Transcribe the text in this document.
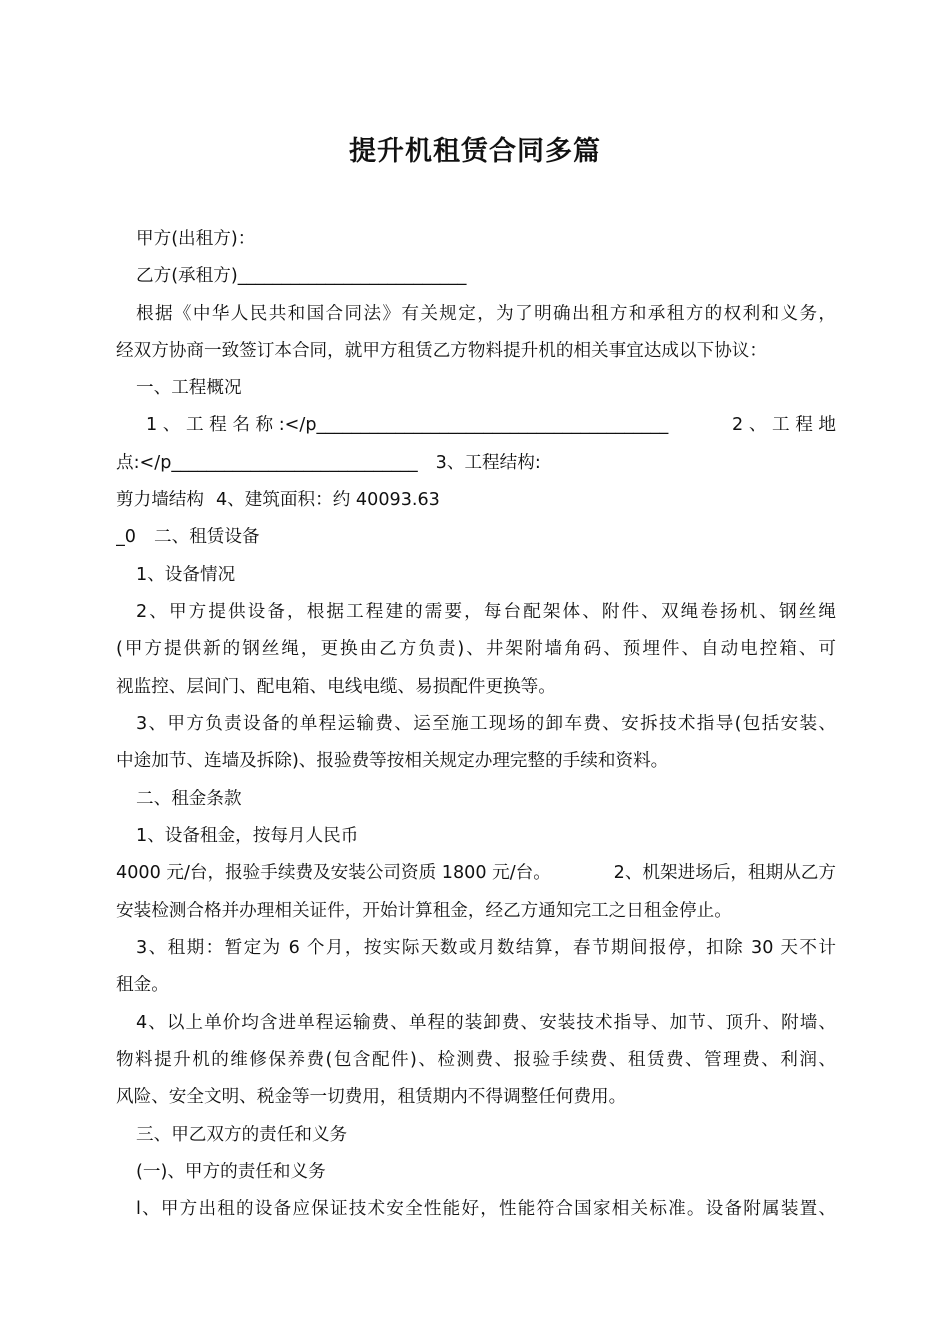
提升机租赁合同多篇
甲方(出租方)：
乙方(承租方)__________________________
根据《中华人民共和国合同法》有关规定，为了明确出租方和承租方的权利和义务，
经双方协商一致签订本合同，就甲方租赁乙方物料提升机的相关事宜达成以下协议：
一、工程概况
1 、 工 程 名 称 :</p________________________________________	2 、 工 程 地
点:</p____________________________ 3、工程结构:
剪力墙结构 4、建筑面积：约 40093.63
_0 二、租赁设备
1、设备情况
2、甲方提供设备，根据工程建的需要，每台配架体、附件、双绳卷扬机、钢丝绳
(甲方提供新的钢丝绳，更换由乙方负责)、井架附墙角码、预埋件、自动电控箱、可
视监控、层间门、配电箱、电线电缆、易损配件更换等。
3、甲方负责设备的单程运输费、运至施工现场的卸车费、安拆技术指导(包括安装、
中途加节、连墙及拆除)、报验费等按相关规定办理完整的手续和资料。
二、租金条款
1、设备租金，按每月人民币
4000 元/台，报验手续费及安装公司资质 1800 元/台。	2、机架进场后，租期从乙方
安装检测合格并办理相关证件，开始计算租金，经乙方通知完工之日租金停止。
3、租期：暂定为 6 个月，按实际天数或月数结算，春节期间报停，扣除 30 天不计
租金。
4、以上单价均含进单程运输费、单程的装卸费、安装技术指导、加节、顶升、附墙、
物料提升机的维修保养费(包含配件)、检测费、报验手续费、租赁费、管理费、利润、
风险、安全文明、税金等一切费用，租赁期内不得调整任何费用。
三、甲乙双方的责任和义务
(一)、甲方的责任和义务
l、甲方出租的设备应保证技术安全性能好，性能符合国家相关标准。设备附属装置、
